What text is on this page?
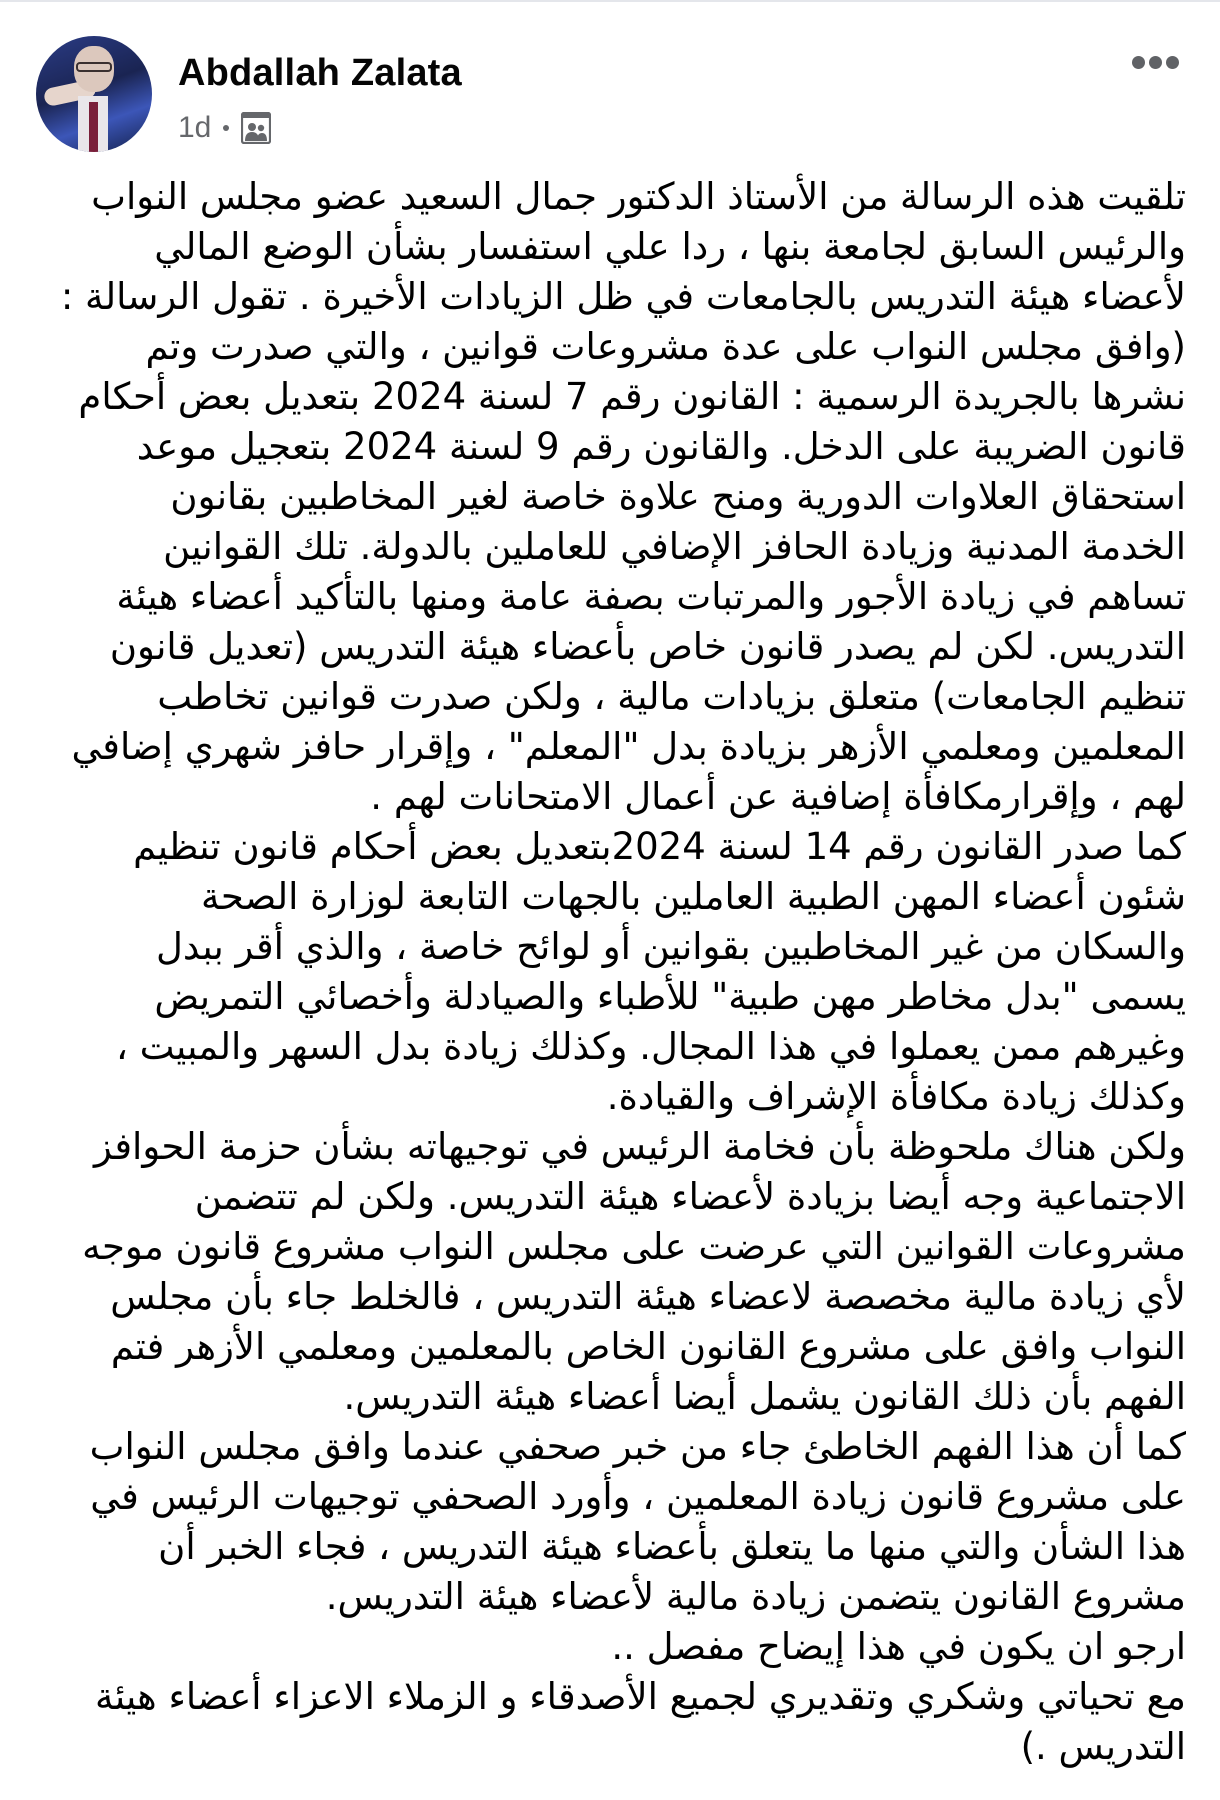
Abdallah Zalata
1d
تلقيت هذه الرسالة من الأستاذ الدكتور جمال السعيد عضو مجلس النواب
والرئيس السابق لجامعة بنها ، ردا علي استفسار بشأن الوضع المالي
لأعضاء هيئة التدريس بالجامعات في ظل الزيادات الأخيرة . تقول الرسالة :
(وافق مجلس النواب على عدة مشروعات قوانين ، والتي صدرت وتم
نشرها بالجريدة الرسمية : القانون رقم 7 لسنة 2024 بتعديل بعض أحكام
قانون الضريبة على الدخل. والقانون رقم 9 لسنة 2024 بتعجيل موعد
استحقاق العلاوات الدورية ومنح علاوة خاصة لغير المخاطبين بقانون
الخدمة المدنية وزيادة الحافز الإضافي للعاملين بالدولة. تلك القوانين
تساهم في زيادة الأجور والمرتبات بصفة عامة ومنها بالتأكيد أعضاء هيئة
التدريس. لكن لم يصدر قانون خاص بأعضاء هيئة التدريس (تعديل قانون
تنظيم الجامعات) متعلق بزيادات مالية ، ولكن صدرت قوانين تخاطب
المعلمين ومعلمي الأزهر بزيادة بدل "المعلم" ، وإقرار حافز شهري إضافي
لهم ، وإقرارمكافأة إضافية عن أعمال الامتحانات لهم .
كما صدر القانون رقم 14 لسنة 2024بتعديل بعض أحكام قانون تنظيم
شئون أعضاء المهن الطبية العاملين بالجهات التابعة لوزارة الصحة
والسكان من غير المخاطبين بقوانين أو لوائح خاصة ، والذي أقر ببدل
يسمى "بدل مخاطر مهن طبية" للأطباء والصيادلة وأخصائي التمريض
وغيرهم ممن يعملوا في هذا المجال. وكذلك زيادة بدل السهر والمبيت ،
وكذلك زيادة مكافأة الإشراف والقيادة.
ولكن هناك ملحوظة بأن فخامة الرئيس في توجيهاته بشأن حزمة الحوافز
الاجتماعية وجه أيضا بزيادة لأعضاء هيئة التدريس. ولكن لم تتضمن
مشروعات القوانين التي عرضت على مجلس النواب مشروع قانون موجه
لأي زيادة مالية مخصصة لاعضاء هيئة التدريس ، فالخلط جاء بأن مجلس
النواب وافق على مشروع القانون الخاص بالمعلمين ومعلمي الأزهر فتم
الفهم بأن ذلك القانون يشمل أيضا أعضاء هيئة التدريس.
كما أن هذا الفهم الخاطئ جاء من خبر صحفي عندما وافق مجلس النواب
على مشروع قانون زيادة المعلمين ، وأورد الصحفي توجيهات الرئيس في
هذا الشأن والتي منها ما يتعلق بأعضاء هيئة التدريس ، فجاء الخبر أن
مشروع القانون يتضمن زيادة مالية لأعضاء هيئة التدريس.
ارجو ان يكون في هذا إيضاح مفصل ..
مع تحياتي وشكري وتقديري لجميع الأصدقاء و الزملاء الاعزاء أعضاء هيئة
التدريس .)
